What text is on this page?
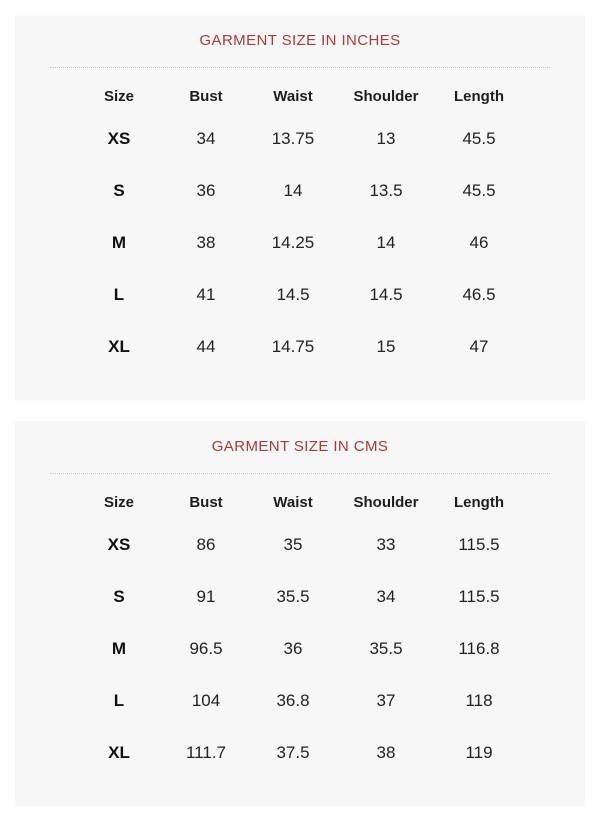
GARMENT SIZE IN INCHES
Size	Bust	Waist	Shoulder	Length
XS	34	13.75	13	45.5
S	36	14	13.5	45.5
M	38	14.25	14	46
L	41	14.5	14.5	46.5
XL	44	14.75	15	47
GARMENT SIZE IN CMS
Size	Bust	Waist	Shoulder	Length
XS	86	35	33	115.5
S	91	35.5	34	115.5
M	96.5	36	35.5	116.8
L	104	36.8	37	118
XL	111.7	37.5	38	119
